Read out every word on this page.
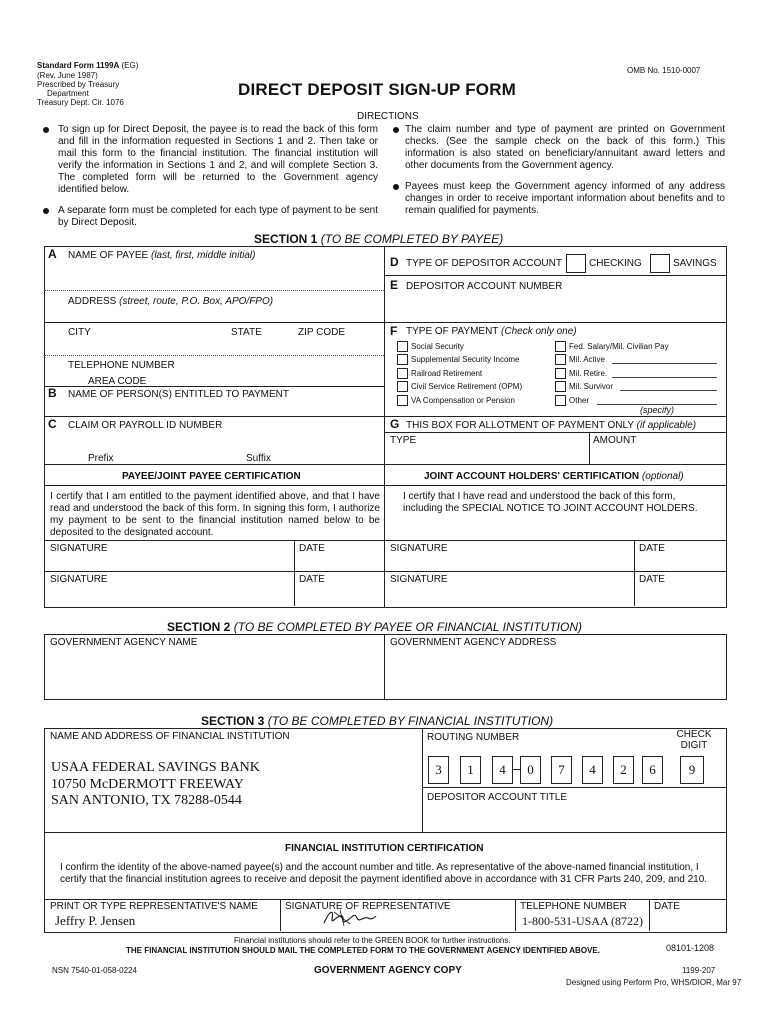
Standard Form 1199A (EG)
(Rev. June 1987)
Prescribed by Treasury
Department
Treasury Dept. Cir. 1076
OMB No. 1510-0007
DIRECT DEPOSIT SIGN-UP FORM
DIRECTIONS
To sign up for Direct Deposit, the payee is to read the back of this form and fill in the information requested in Sections 1 and 2. Then take or mail this form to the financial institution. The financial institution will verify the information in Sections 1 and 2, and will complete Section 3. The completed form will be returned to the Government agency identified below.
A separate form must be completed for each type of payment to be sent by Direct Deposit.
The claim number and type of payment are printed on Government checks. (See the sample check on the back of this form.) This information is also stated on beneficiary/annuitant award letters and other documents from the Government agency.
Payees must keep the Government agency informed of any address changes in order to receive important information about benefits and to remain qualified for payments.
SECTION 1 (TO BE COMPLETED BY PAYEE)
A NAME OF PAYEE (last, first, middle initial)
ADDRESS (street, route, P.O. Box, APO/FPO)
CITY	STATE	ZIP CODE
TELEPHONE NUMBER
AREA CODE
B NAME OF PERSON(S) ENTITLED TO PAYMENT
C CLAIM OR PAYROLL ID NUMBER
Prefix	Suffix
D TYPE OF DEPOSITOR ACCOUNT	CHECKING	SAVINGS
E DEPOSITOR ACCOUNT NUMBER
F TYPE OF PAYMENT (Check only one)
Social Security
Supplemental Security Income
Railroad Retirement
Civil Service Retirement (OPM)
VA Compensation or Pension
Fed. Salary/Mil. Civilian Pay
Mil. Active
Mil. Retire.
Mil. Survivor
Other
(specify)
G THIS BOX FOR ALLOTMENT OF PAYMENT ONLY (if applicable)
TYPE	AMOUNT
PAYEE/JOINT PAYEE CERTIFICATION	JOINT ACCOUNT HOLDERS' CERTIFICATION (optional)
I certify that I am entitled to the payment identified above, and that I have read and understood the back of this form. In signing this form, I authorize my payment to be sent to the financial institution named below to be deposited to the designated account.
I certify that I have read and understood the back of this form, including the SPECIAL NOTICE TO JOINT ACCOUNT HOLDERS.
SIGNATURE	DATE	SIGNATURE	DATE
SIGNATURE	DATE	SIGNATURE	DATE
SECTION 2 (TO BE COMPLETED BY PAYEE OR FINANCIAL INSTITUTION)
GOVERNMENT AGENCY NAME	GOVERNMENT AGENCY ADDRESS
SECTION 3 (TO BE COMPLETED BY FINANCIAL INSTITUTION)
NAME AND ADDRESS OF FINANCIAL INSTITUTION	ROUTING NUMBER	CHECK
DIGIT
USAA FEDERAL SAVINGS BANK
10750 McDERMOTT FREEWAY
SAN ANTONIO, TX 78288-0544
3	1	4	0	7	4	2	6	9
DEPOSITOR ACCOUNT TITLE
FINANCIAL INSTITUTION CERTIFICATION
I confirm the identity of the above-named payee(s) and the account number and title. As representative of the above-named financial institution, I certify that the financial institution agrees to receive and deposit the payment identified above in accordance with 31 CFR Parts 240, 209, and 210.
PRINT OR TYPE REPRESENTATIVE'S NAME
Jeffry P. Jensen
SIGNATURE OF REPRESENTATIVE	TELEPHONE NUMBER
1-800-531-USAA (8722)
DATE
Financial institutions should refer to the GREEN BOOK for further instructions.
THE FINANCIAL INSTITUTION SHOULD MAIL THE COMPLETED FORM TO THE GOVERNMENT AGENCY IDENTIFIED ABOVE.	08101-1208
NSN 7540-01-058-0224	GOVERNMENT AGENCY COPY	1199-207
Designed using Perform Pro, WHS/DIOR, Mar 97
